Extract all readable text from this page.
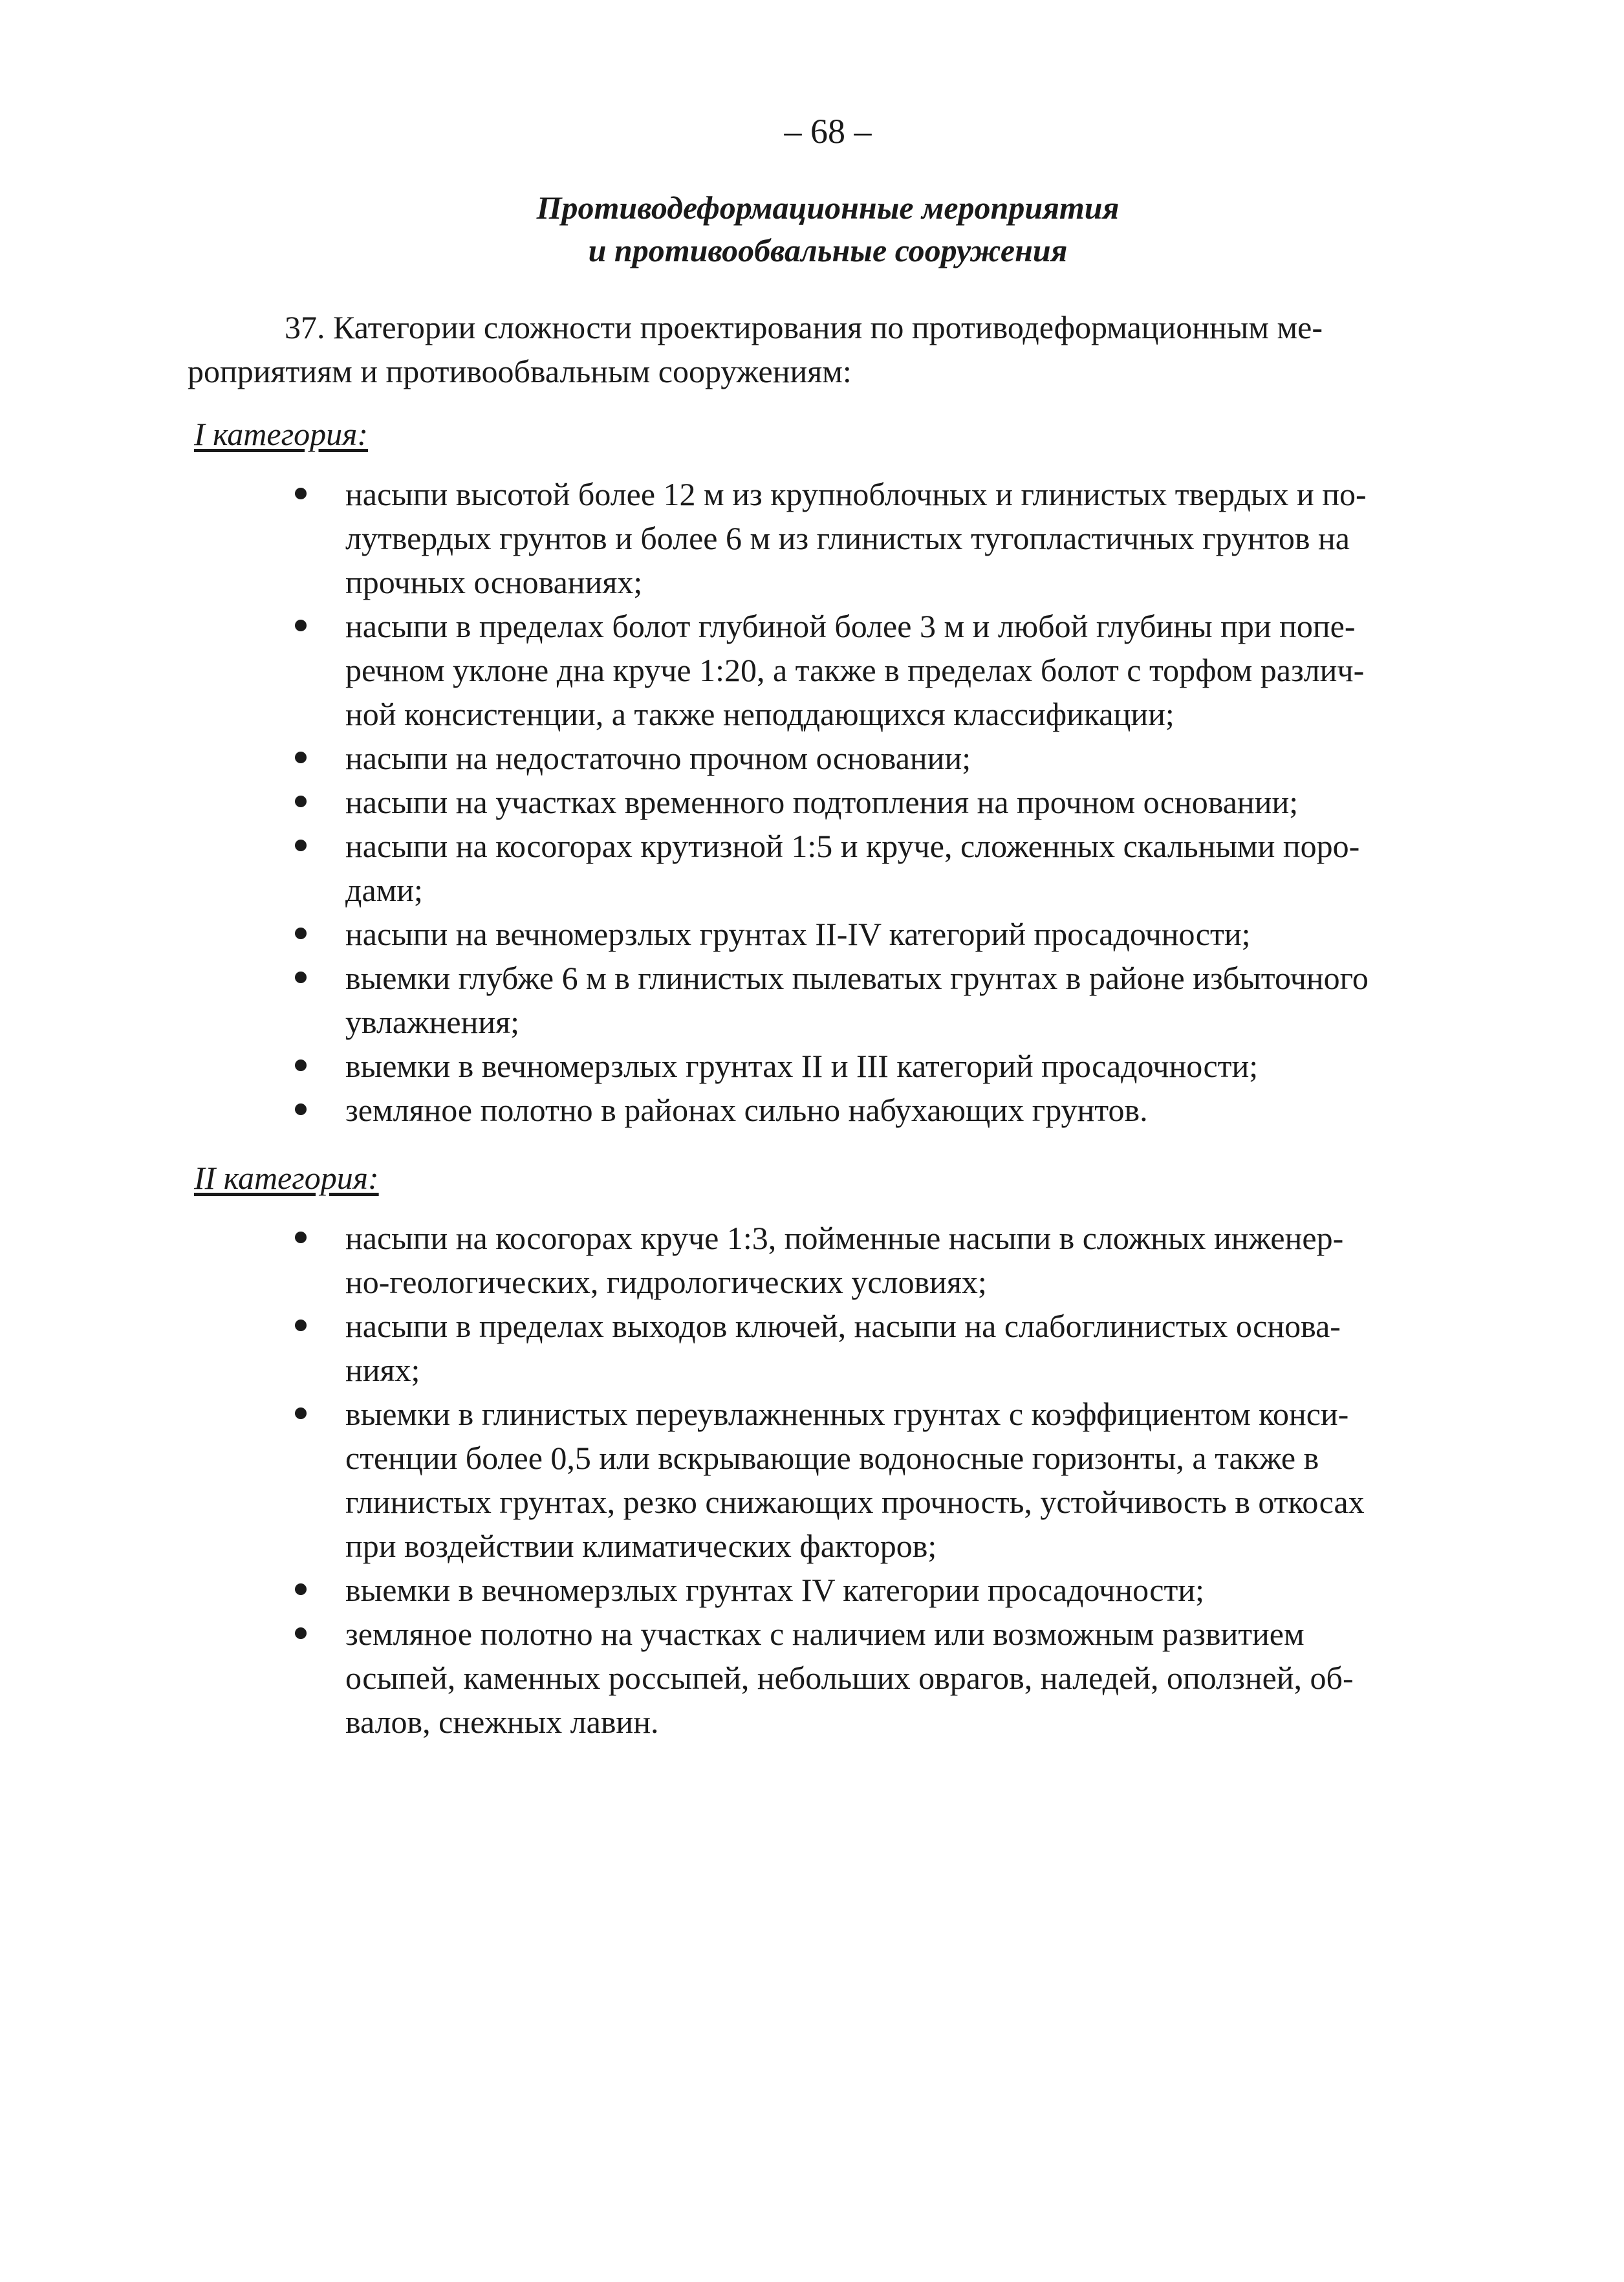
– 68 –
Противодеформационные мероприятия
и противообвальные сооружения
37. Категории сложности проектирования по противодеформационным ме-
роприятиям и противообвальным сооружениям:
I категория:
насыпи высотой более 12 м из крупноблочных и глинистых твердых и по-
лутвердых грунтов и более 6 м из глинистых тугопластичных грунтов на
прочных основаниях;
насыпи в пределах болот глубиной более 3 м и любой глубины при попе-
речном уклоне дна круче 1:20, а также в пределах болот с торфом различ-
ной консистенции, а также неподдающихся классификации;
насыпи на недостаточно прочном основании;
насыпи на участках временного подтопления на прочном основании;
насыпи на косогорах крутизной 1:5 и круче, сложенных скальными поро-
дами;
насыпи на вечномерзлых грунтах II-IV категорий просадочности;
выемки глубже 6 м в глинистых пылеватых грунтах в районе избыточного
увлажнения;
выемки в вечномерзлых грунтах II и III категорий просадочности;
земляное полотно в районах сильно набухающих грунтов.
II категория:
насыпи на косогорах круче 1:3, пойменные насыпи в сложных инженер-
но-геологических, гидрологических условиях;
насыпи в пределах выходов ключей, насыпи на слабоглинистых основа-
ниях;
выемки в глинистых переувлажненных грунтах с коэффициентом конси-
стенции более 0,5 или вскрывающие водоносные горизонты, а также в
глинистых грунтах, резко снижающих прочность, устойчивость в откосах
при воздействии климатических факторов;
выемки в вечномерзлых грунтах IV категории просадочности;
земляное полотно на участках с наличием или возможным развитием
осыпей, каменных россыпей, небольших оврагов, наледей, оползней, об-
валов, снежных лавин.
